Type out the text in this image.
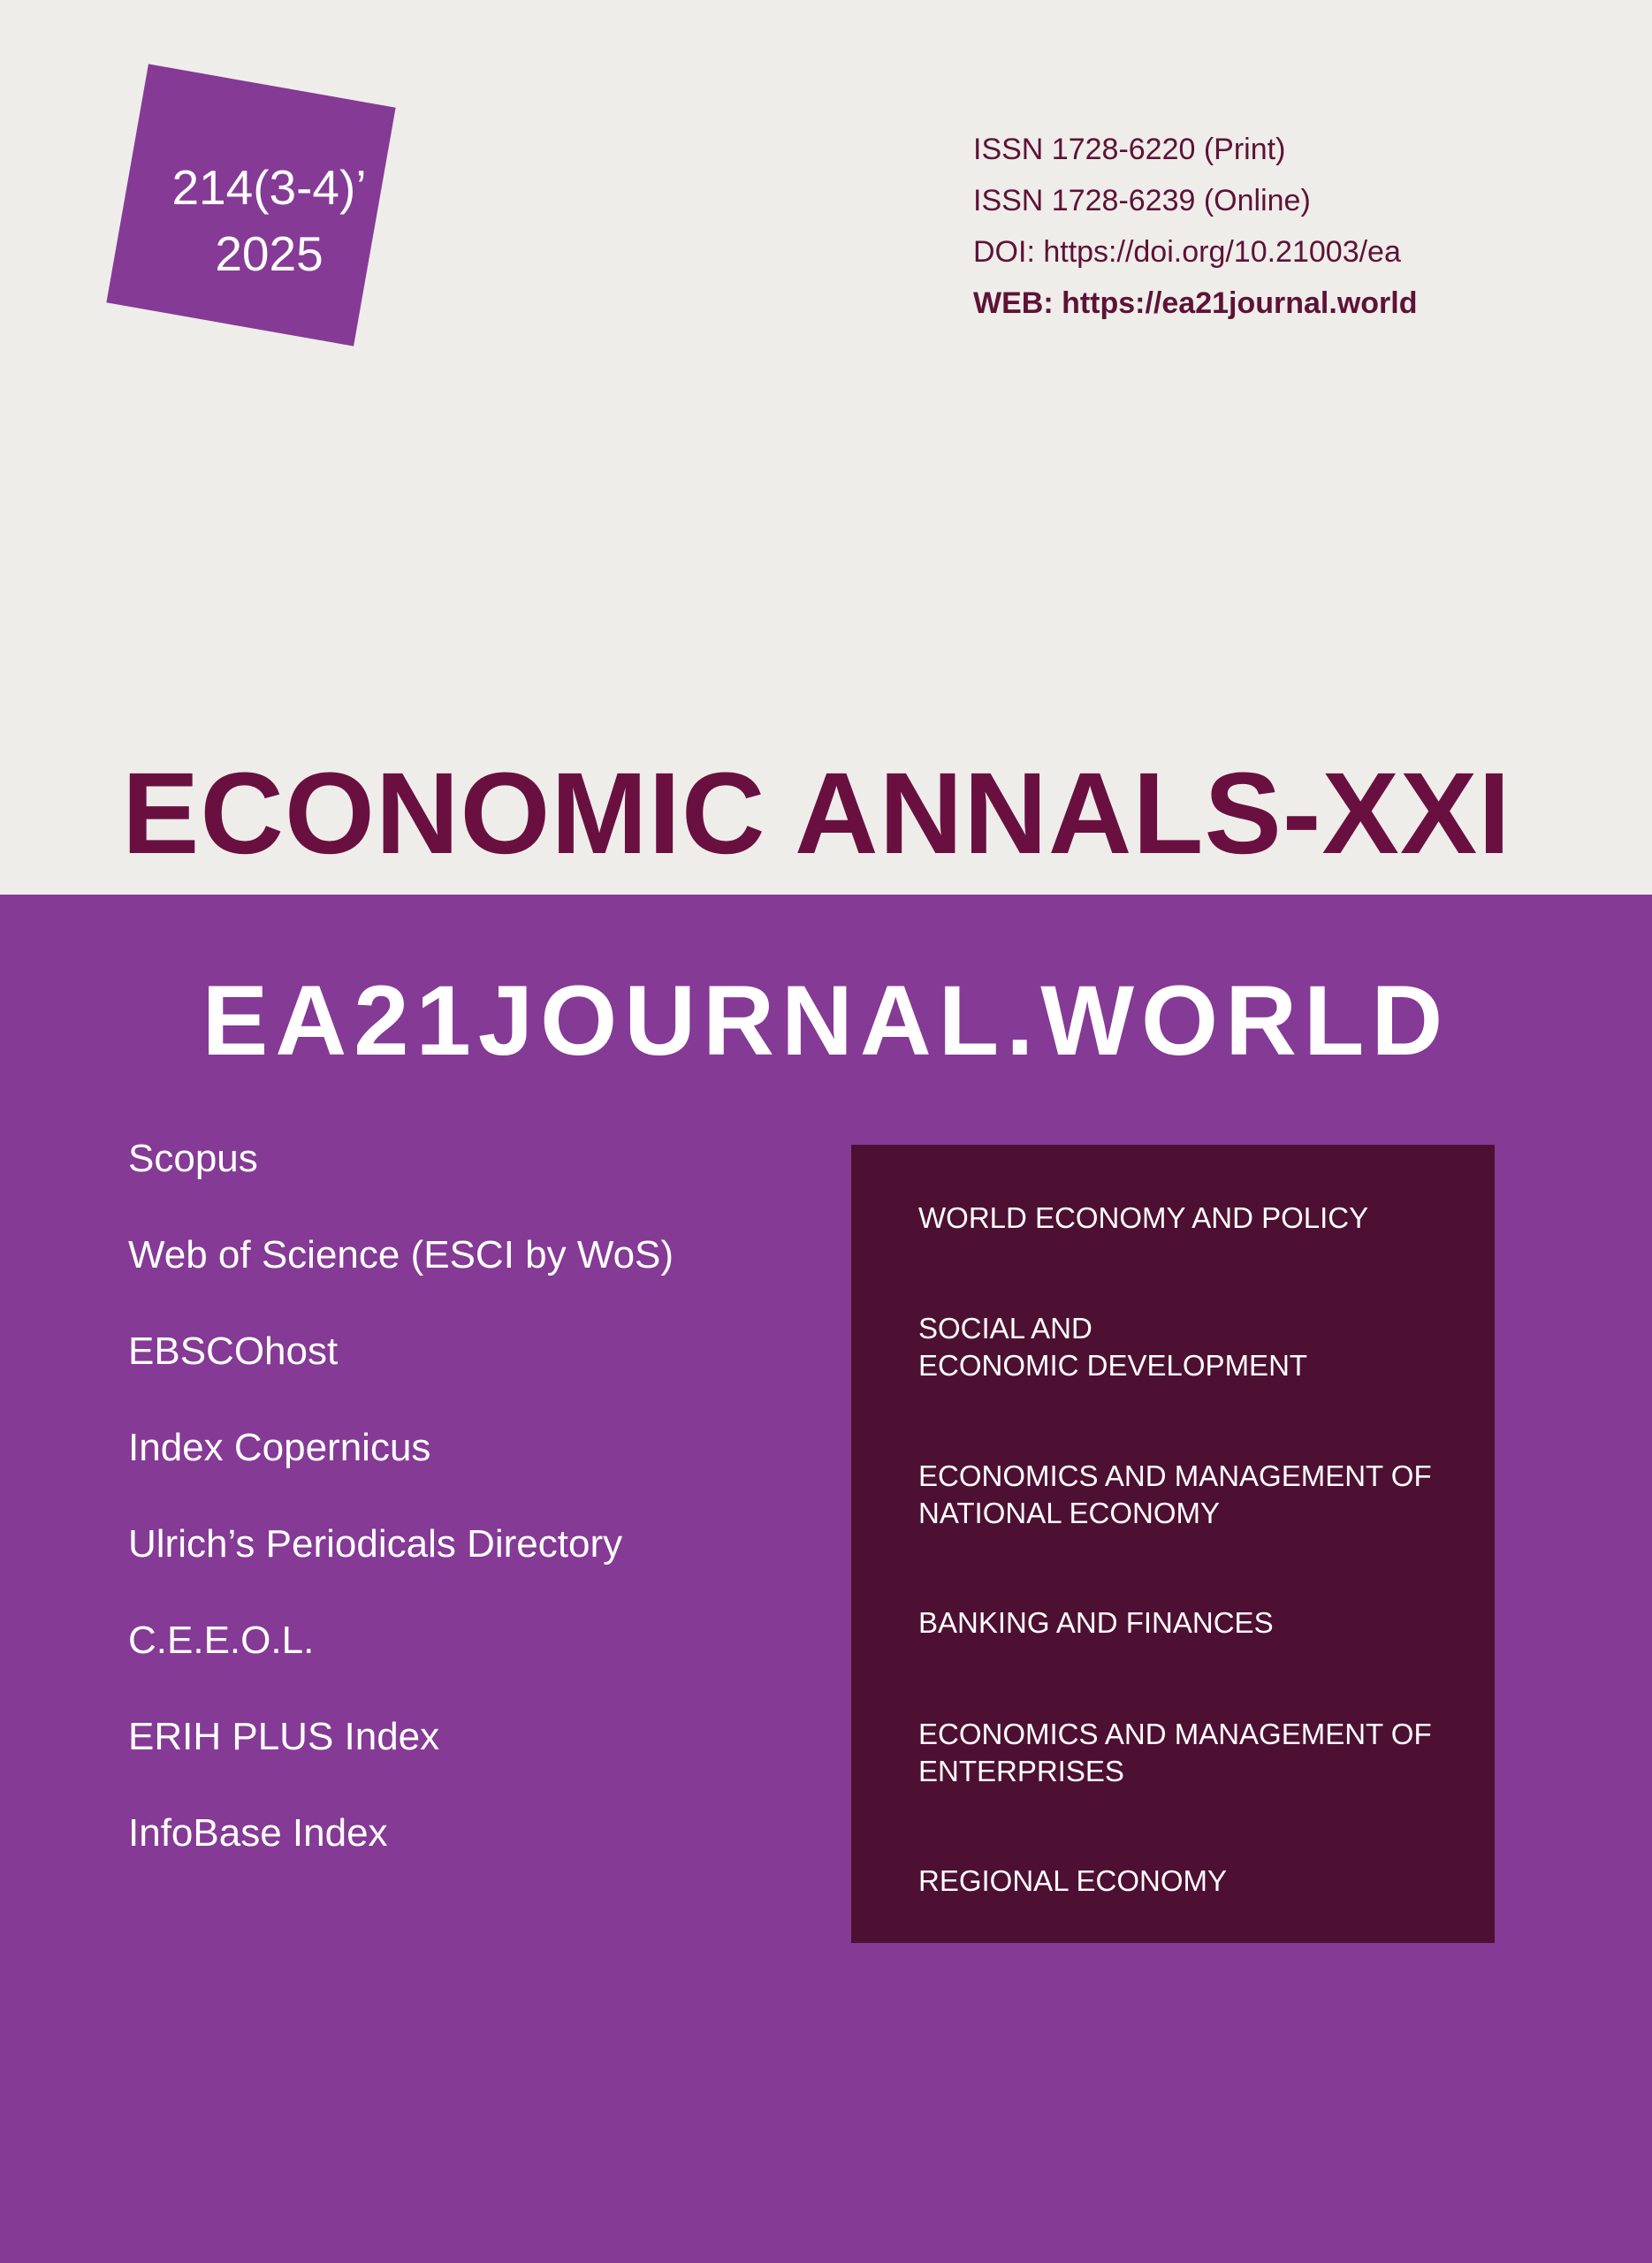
214(3-4)’
2025
ISSN 1728-6220 (Print)
ISSN 1728-6239 (Online)
DOI: https://doi.org/10.21003/ea
WEB: https://ea21journal.world
ECONOMIC ANNALS-XXI
EA21JOURNAL.WORLD
Scopus
Web of Science (ESCI by WoS)
EBSCOhost
Index Copernicus
Ulrich’s Periodicals Directory
C.E.E.O.L.
ERIH PLUS Index
InfoBase Index
WORLD ECONOMY AND POLICY
SOCIAL AND
ECONOMIC DEVELOPMENT
ECONOMICS AND MANAGEMENT OF
NATIONAL ECONOMY
BANKING AND FINANCES
ECONOMICS AND MANAGEMENT OF
ENTERPRISES
REGIONAL ECONOMY
